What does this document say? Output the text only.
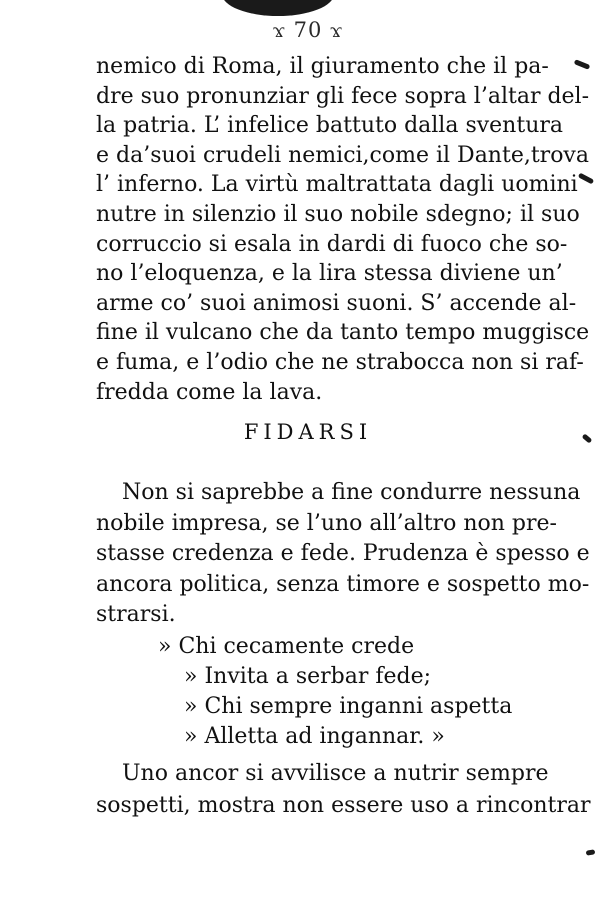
ϫ 70 ϫ
nemico di Roma, il giuramento che il pa-
dre suo pronunziar gli fece sopra l’altar del-
la patria. L’ infelice battuto dalla sventura
e da’suoi crudeli nemici,come il Dante,trova
l’ inferno. La virtù maltrattata dagli uomini
nutre in silenzio il suo nobile sdegno; il suo
corruccio si esala in dardi di fuoco che so-
no l’eloquenza, e la lira stessa diviene un’
arme co’ suoi animosi suoni. S’ accende al-
fine il vulcano che da tanto tempo muggisce
e fuma, e l’odio che ne strabocca non si raf-
fredda come la lava.
FIDARSI
Non si saprebbe a fine condurre nessuna
nobile impresa, se l’uno all’altro non pre-
stasse credenza e fede. Prudenza è spesso e
ancora politica, senza timore e sospetto mo-
strarsi.
» Chi cecamente crede
» Invita a serbar fede;
» Chi sempre inganni aspetta
» Alletta ad ingannar. »
Uno ancor si avvilisce a nutrir sempre
sospetti, mostra non essere uso a rincontrar
